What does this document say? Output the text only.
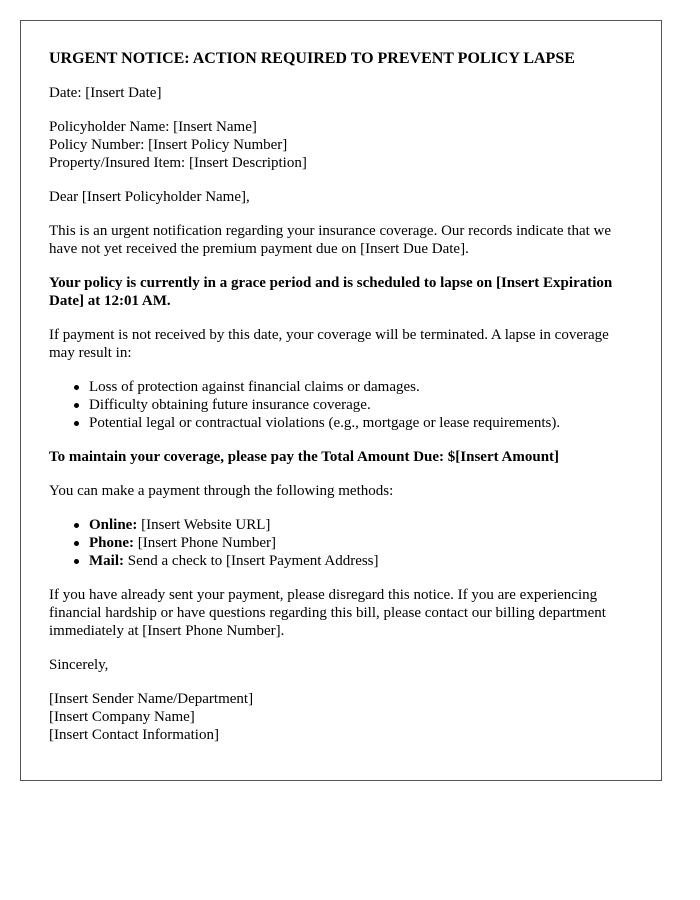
URGENT NOTICE: ACTION REQUIRED TO PREVENT POLICY LAPSE

Date: [Insert Date]

Policyholder Name: [Insert Name]

Policy Number: [Insert Policy Number]

Property/Insured Item: [Insert Description]

Dear [Insert Policyholder Name],

This is an urgent notification regarding your insurance coverage. Our records indicate that we have not yet received the premium payment due on [Insert Due Date].

Your policy is currently in a grace period and is scheduled to lapse on [Insert Expiration Date] at 12:01 AM.

If payment is not received by this date, your coverage will be terminated. A lapse in coverage may result in:

Loss of protection against financial claims or damages.
Difficulty obtaining future insurance coverage.
Potential legal or contractual violations (e.g., mortgage or lease requirements).

To maintain your coverage, please pay the Total Amount Due: $[Insert Amount]

You can make a payment through the following methods:

Online: [Insert Website URL]
Phone: [Insert Phone Number]
Mail: Send a check to [Insert Payment Address]

If you have already sent your payment, please disregard this notice. If you are experiencing financial hardship or have questions regarding this bill, please contact our billing department immediately at [Insert Phone Number].

Sincerely,

[Insert Sender Name/Department]

[Insert Company Name]

[Insert Contact Information]
